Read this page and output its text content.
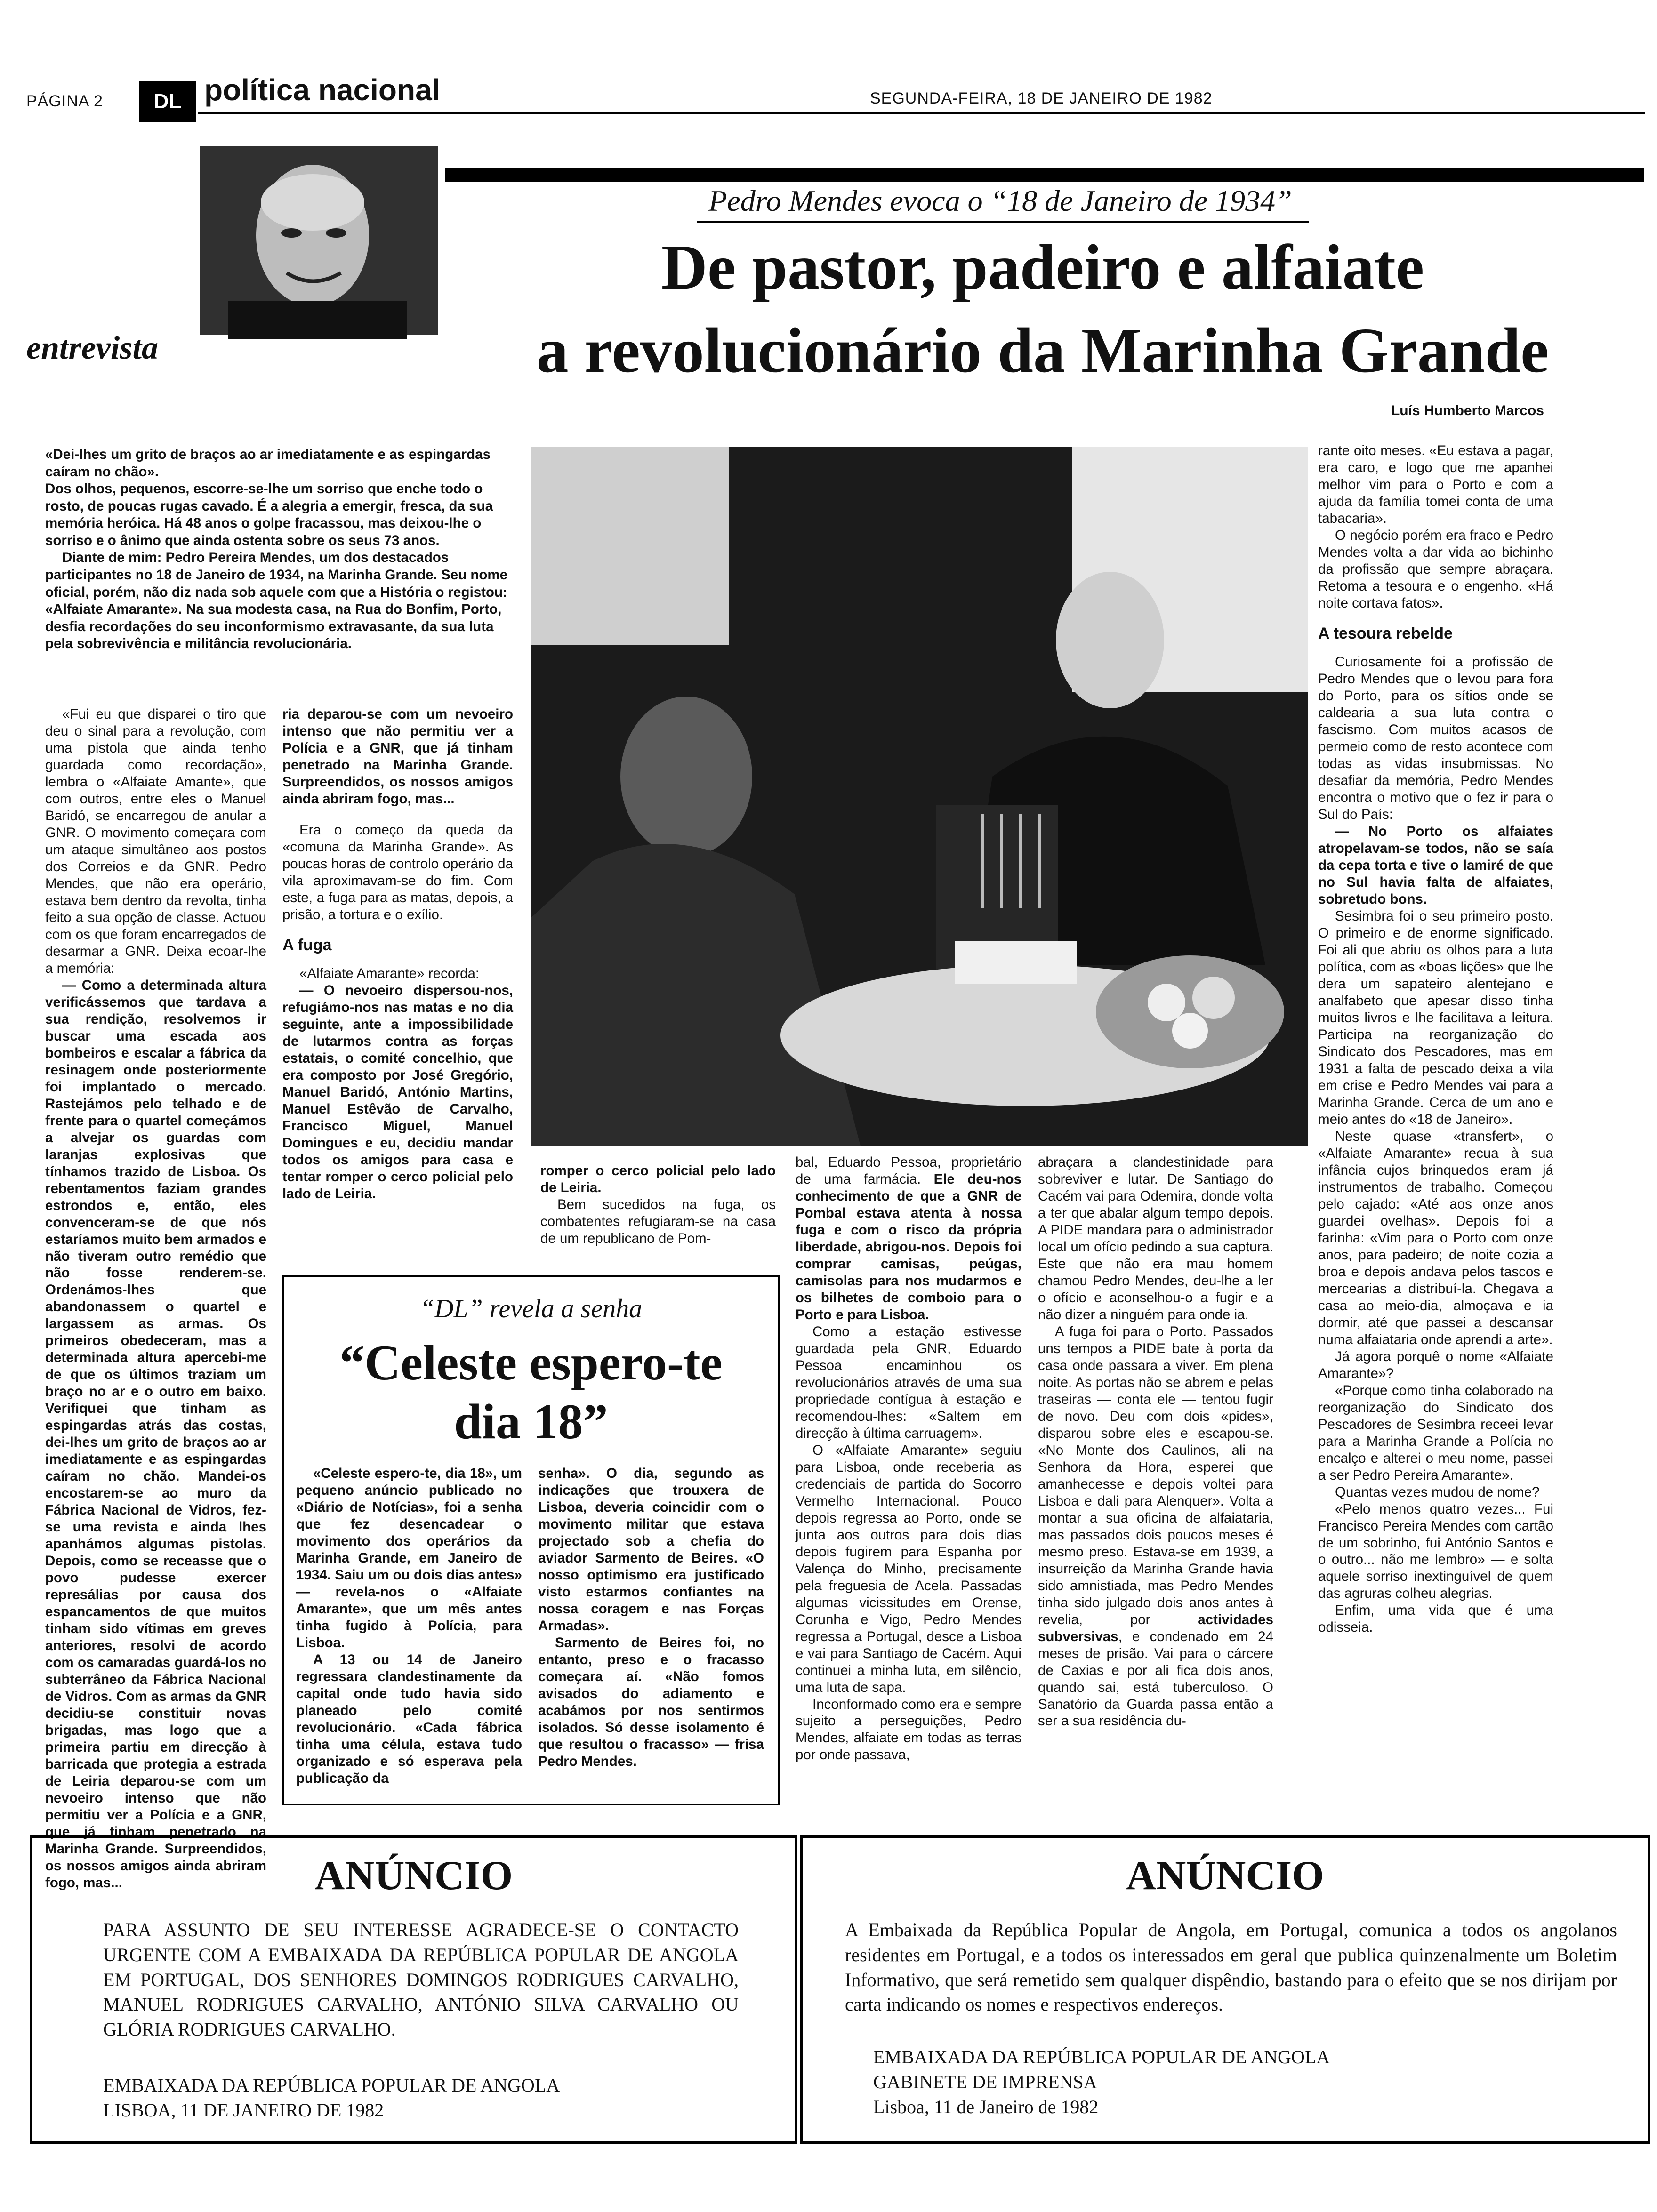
PÁGINA 2	DL política nacional	SEGUNDA-FEIRA, 18 DE JANEIRO DE 1982
entrevista
Pedro Mendes evoca o “18 de Janeiro de 1934”
De pastor, padeiro e alfaiate
a revolucionário da Marinha Grande
Luís Humberto Marcos

«Dei-lhes um grito de braços ao ar imediatamente e as espingardas caíram no chão».

Dos olhos, pequenos, escorre-se-lhe um sorriso que enche todo o rosto, de poucas rugas cavado. É a alegria a emergir, fresca, da sua memória heróica. Há 48 anos o golpe fracassou, mas deixou-lhe o sorriso e o ânimo que ainda ostenta sobre os seus 73 anos.

Diante de mim: Pedro Pereira Mendes, um dos destacados participantes no 18 de Janeiro de 1934, na Marinha Grande. Seu nome oficial, porém, não diz nada sob aquele com que a História o registou: «Alfaiate Amarante». Na sua modesta casa, na Rua do Bonfim, Porto, desfia recordações do seu inconformismo extravasante, da sua luta pela sobrevivência e militância revolucionária.

«Fui eu que disparei o tiro que deu o sinal para a revolução, com uma pistola que ainda tenho guardada como recordação», lembra o «Alfaiate Amante», que com outros, entre eles o Manuel Baridó, se encarregou de anular a GNR. O movimento começara com um ataque simultâneo aos postos dos Correios e da GNR. Pedro Mendes, que não era operário, estava bem dentro da revolta, tinha feito a sua opção de classe. Actuou com os que foram encarregados de desarmar a GNR. Deixa ecoar-lhe a memória:

— Como a determinada altura verificássemos que tardava a sua rendição, resolvemos ir buscar uma escada aos bombeiros e escalar a fábrica da resinagem onde posteriormente foi implantado o mercado. Rastejámos pelo telhado e de frente para o quartel começámos a alvejar os guardas com laranjas explosivas que tínhamos trazido de Lisboa. Os rebentamentos faziam grandes estrondos e, então, eles convenceram-se de que nós estaríamos muito bem armados e não tiveram outro remédio que não fosse renderem-se. Ordenámos-lhes que abandonassem o quartel e largassem as armas. Os primeiros obedeceram, mas a determinada altura apercebi-me de que os últimos traziam um braço no ar e o outro em baixo. Verifiquei que tinham as espingardas atrás das costas, dei-lhes um grito de braços ao ar imediatamente e as espingardas caíram no chão. Mandei-os encostarem-se ao muro da Fábrica Nacional de Vidros, fez-se uma revista e ainda lhes apanhámos algumas pistolas. Depois, como se receasse que o povo pudesse exercer represálias por causa dos espancamentos de que muitos tinham sido vítimas em greves anteriores, resolvi de acordo com os camaradas guardá-los no subterrâneo da Fábrica Nacional de Vidros. Com as armas da GNR decidiu-se constituir novas brigadas, mas logo que a primeira partiu em direcção à barricada que protegia a estrada de Leiria deparou-se com um nevoeiro intenso que não permitiu ver a Polícia e a GNR, que já tinham penetrado na Marinha Grande. Surpreendidos, os nossos amigos ainda abriram fogo, mas...

ria deparou-se com um nevoeiro intenso que não permitiu ver a Polícia e a GNR, que já tinham penetrado na Marinha Grande. Surpreendidos, os nossos amigos ainda abriram fogo, mas...

Era o começo da queda da «comuna da Marinha Grande». As poucas horas de controlo operário da vila aproximavam-se do fim. Com este, a fuga para as matas, depois, a prisão, a tortura e o exílio.

A fuga

«Alfaiate Amarante» recorda:

— O nevoeiro dispersou-nos, refugiámo-nos nas matas e no dia seguinte, ante a impossibilidade de lutarmos contra as forças estatais, o comité concelhio, que era composto por José Gregório, Manuel Baridó, António Martins, Manuel Estêvão de Carvalho, Francisco Miguel, Manuel Domingues e eu, decidiu mandar todos os amigos para casa e tentar romper o cerco policial pelo lado de Leiria.

romper o cerco policial pelo lado de Leiria.

Bem sucedidos na fuga, os combatentes refugiaram-se na casa de um republicano de Pom-

bal, Eduardo Pessoa, proprietário de uma farmácia. Ele deu-nos conhecimento de que a GNR de Pombal estava atenta à nossa fuga e com o risco da própria liberdade, abrigou-nos. Depois foi comprar camisas, peúgas, camisolas para nos mudarmos e os bilhetes de comboio para o Porto e para Lisboa.

Como a estação estivesse guardada pela GNR, Eduardo Pessoa encaminhou os revolucionários através de uma sua propriedade contígua à estação e recomendou-lhes: «Saltem em direcção à última carruagem».

O «Alfaiate Amarante» seguiu para Lisboa, onde receberia as credenciais de partida do Socorro Vermelho Internacional. Pouco depois regressa ao Porto, onde se junta aos outros para dois dias depois fugirem para Espanha por Valença do Minho, precisamente pela freguesia de Acela. Passadas algumas vicissitudes em Orense, Corunha e Vigo, Pedro Mendes regressa a Portugal, desce a Lisboa e vai para Santiago de Cacém. Aqui continuei a minha luta, em silêncio, uma luta de sapa.

Inconformado como era e sempre sujeito a perseguições, Pedro Mendes, alfaiate em todas as terras por onde passava,

abraçara a clandestinidade para sobreviver e lutar. De Santiago do Cacém vai para Odemira, donde volta a ter que abalar algum tempo depois. A PIDE mandara para o administrador local um ofício pedindo a sua captura. Este que não era mau homem chamou Pedro Mendes, deu-lhe a ler o ofício e aconselhou-o a fugir e a não dizer a ninguém para onde ia.

A fuga foi para o Porto. Passados uns tempos a PIDE bate à porta da casa onde passara a viver. Em plena noite. As portas não se abrem e pelas traseiras — conta ele — tentou fugir de novo. Deu com dois «pides», disparou sobre eles e escapou-se. «No Monte dos Caulinos, ali na Senhora da Hora, esperei que amanhecesse e depois voltei para Lisboa e dali para Alenquer». Volta a montar a sua oficina de alfaiataria, mas passados dois poucos meses é mesmo preso. Estava-se em 1939, a insurreição da Marinha Grande havia sido amnistiada, mas Pedro Mendes tinha sido julgado dois anos antes à revelia, por actividades subversivas, e condenado em 24 meses de prisão. Vai para o cárcere de Caxias e por ali fica dois anos, quando sai, está tuberculoso. O Sanatório da Guarda passa então a ser a sua residência du-

rante oito meses. «Eu estava a pagar, era caro, e logo que me apanhei melhor vim para o Porto e com a ajuda da família tomei conta de uma tabacaria».

O negócio porém era fraco e Pedro Mendes volta a dar vida ao bichinho da profissão que sempre abraçara. Retoma a tesoura e o engenho. «Há noite cortava fatos».

A tesoura rebelde

Curiosamente foi a profissão de Pedro Mendes que o levou para fora do Porto, para os sítios onde se caldearia a sua luta contra o fascismo. Com muitos acasos de permeio como de resto acontece com todas as vidas insubmissas. No desafiar da memória, Pedro Mendes encontra o motivo que o fez ir para o Sul do País:

— No Porto os alfaiates atropelavam-se todos, não se saía da cepa torta e tive o lamiré de que no Sul havia falta de alfaiates, sobretudo bons.

Sesimbra foi o seu primeiro posto. O primeiro e de enorme significado. Foi ali que abriu os olhos para a luta política, com as «boas lições» que lhe dera um sapateiro alentejano e analfabeto que apesar disso tinha muitos livros e lhe facilitava a leitura. Participa na reorganização do Sindicato dos Pescadores, mas em 1931 a falta de pescado deixa a vila em crise e Pedro Mendes vai para a Marinha Grande. Cerca de um ano e meio antes do «18 de Janeiro».

Neste quase «transfert», o «Alfaiate Amarante» recua à sua infância cujos brinquedos eram já instrumentos de trabalho. Começou pelo cajado: «Até aos onze anos guardei ovelhas». Depois foi a farinha: «Vim para o Porto com onze anos, para padeiro; de noite cozia a broa e depois andava pelos tascos e mercearias a distribuí-la. Chegava a casa ao meio-dia, almoçava e ia dormir, até que passei a descansar numa alfaiataria onde aprendi a arte».

Já agora porquê o nome «Alfaiate Amarante»?

«Porque como tinha colaborado na reorganização do Sindicato dos Pescadores de Sesimbra receei levar para a Marinha Grande a Polícia no encalço e alterei o meu nome, passei a ser Pedro Pereira Amarante».

Quantas vezes mudou de nome?

«Pelo menos quatro vezes... Fui Francisco Pereira Mendes com cartão de um sobrinho, fui António Santos e o outro... não me lembro» — e solta aquele sorriso inextinguível de quem das agruras colheu alegrias.

Enfim, uma vida que é uma odisseia.

“DL” revela a senha
“Celeste espero-te
dia 18”

«Celeste espero-te, dia 18», um pequeno anúncio publicado no «Diário de Notícias», foi a senha que fez desencadear o movimento dos operários da Marinha Grande, em Janeiro de 1934. Saiu um ou dois dias antes» — revela-nos o «Alfaiate Amarante», que um mês antes tinha fugido à Polícia, para Lisboa.

A 13 ou 14 de Janeiro regressara clandestinamente da capital onde tudo havia sido planeado pelo comité revolucionário. «Cada fábrica tinha uma célula, estava tudo organizado e só esperava pela publicação da

senha». O dia, segundo as indicações que trouxera de Lisboa, deveria coincidir com o movimento militar que estava projectado sob a chefia do aviador Sarmento de Beires. «O nosso optimismo era justificado visto estarmos confiantes na nossa coragem e nas Forças Armadas».

Sarmento de Beires foi, no entanto, preso e o fracasso começara aí. «Não fomos avisados do adiamento e acabámos por nos sentirmos isolados. Só desse isolamento é que resultou o fracasso» — frisa Pedro Mendes.

ANÚNCIO
PARA ASSUNTO DE SEU INTERESSE AGRADECE-SE O CONTACTO URGENTE COM A EMBAIXADA DA REPÚBLICA POPULAR DE ANGOLA EM PORTUGAL, DOS SENHORES DOMINGOS RODRIGUES CARVALHO, MANUEL RODRIGUES CARVALHO, ANTÓNIO SILVA CARVALHO OU GLÓRIA RODRIGUES CARVALHO.
EMBAIXADA DA REPÚBLICA POPULAR DE ANGOLA
LISBOA, 11 DE JANEIRO DE 1982
ANÚNCIO
A Embaixada da República Popular de Angola, em Portugal, comunica a todos os angolanos residentes em Portugal, e a todos os interessados em geral que publica quinzenalmente um Boletim Informativo, que será remetido sem qualquer dispêndio, bastando para o efeito que se nos dirijam por carta indicando os nomes e respectivos endereços.
EMBAIXADA DA REPÚBLICA POPULAR DE ANGOLA
GABINETE DE IMPRENSA
Lisboa, 11 de Janeiro de 1982
